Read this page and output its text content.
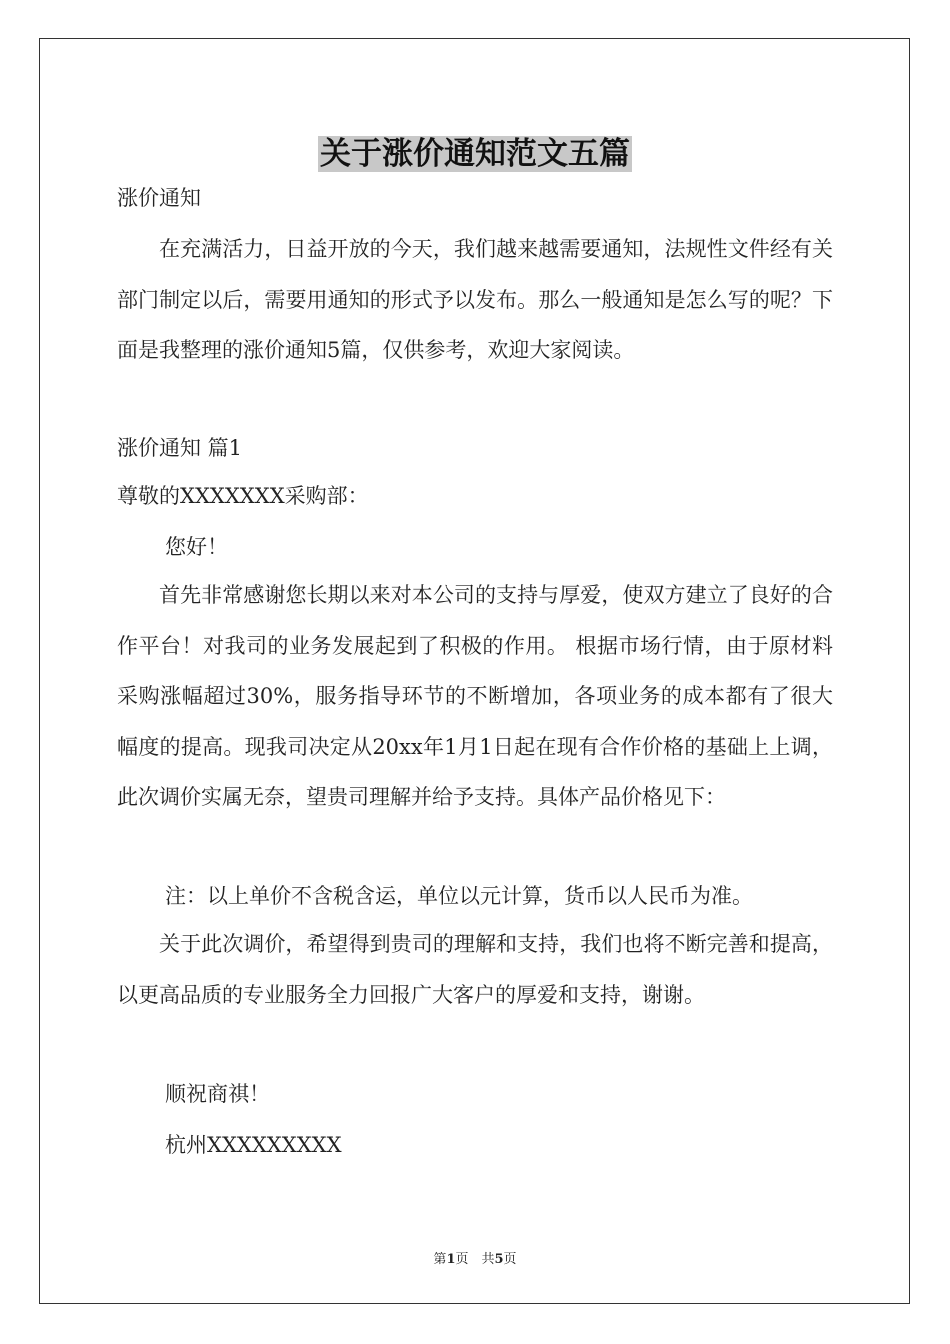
关于涨价通知范文五篇
涨价通知

在充满活力，日益开放的今天，我们越来越需要通知，法规性文件经有关部门制定以后，需要用通知的形式予以发布。那么一般通知是怎么写的呢？下面是我整理的涨价通知5篇，仅供参考，欢迎大家阅读。

涨价通知 篇1
尊敬的XXXXXXX采购部：
您好！

首先非常感谢您长期以来对本公司的支持与厚爱，使双方建立了良好的合作平台！对我司的业务发展起到了积极的作用。 根据市场行情，由于原材料采购涨幅超过30%，服务指导环节的不断增加，各项业务的成本都有了很大幅度的提高。现我司决定从20xx年1月1日起在现有合作价格的基础上上调，此次调价实属无奈，望贵司理解并给予支持。具体产品价格见下：

注：以上单价不含税含运，单位以元计算，货币以人民币为准。

关于此次调价，希望得到贵司的理解和支持，我们也将不断完善和提高，以更高品质的专业服务全力回报广大客户的厚爱和支持，谢谢。

顺祝商祺！
杭州XXXXXXXXX
第1页　共5页
